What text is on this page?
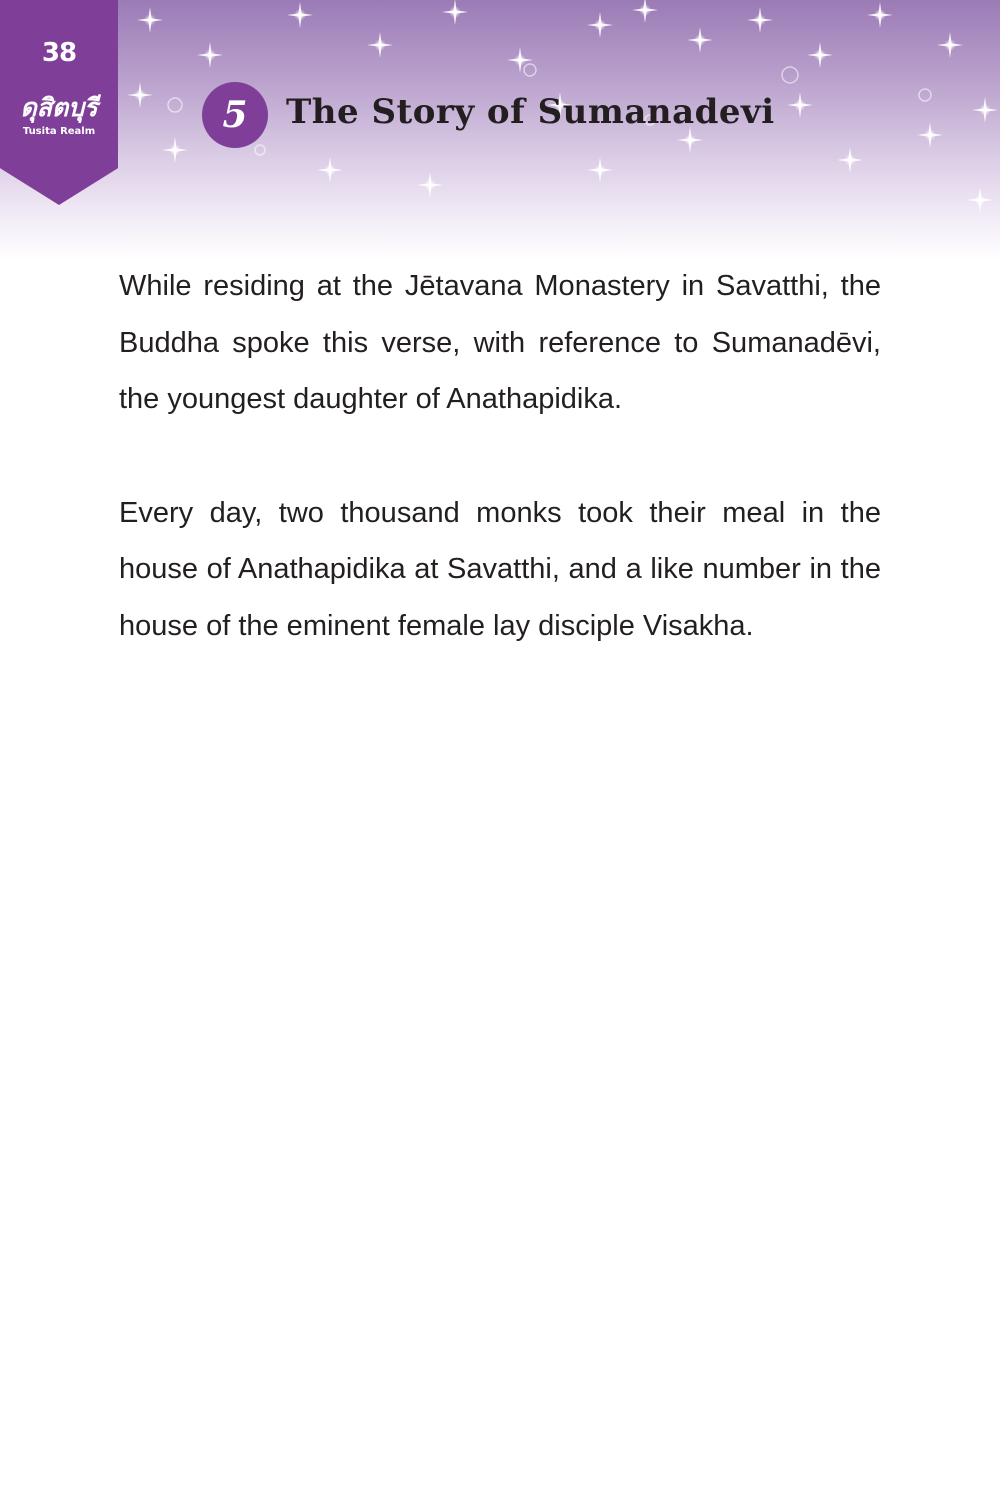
38
ดุสิตบุรี
Tusita Realm	5	The Story of Sumanadevi

While residing at the Jētavana Monastery in Savatthi, the Buddha spoke this verse, with reference to Sumanadēvi, the youngest daughter of Anathapidika.

Every day, two thousand monks took their meal in the house of Anathapidika at Savatthi, and a like number in the house of the eminent female lay disciple Visakha.
